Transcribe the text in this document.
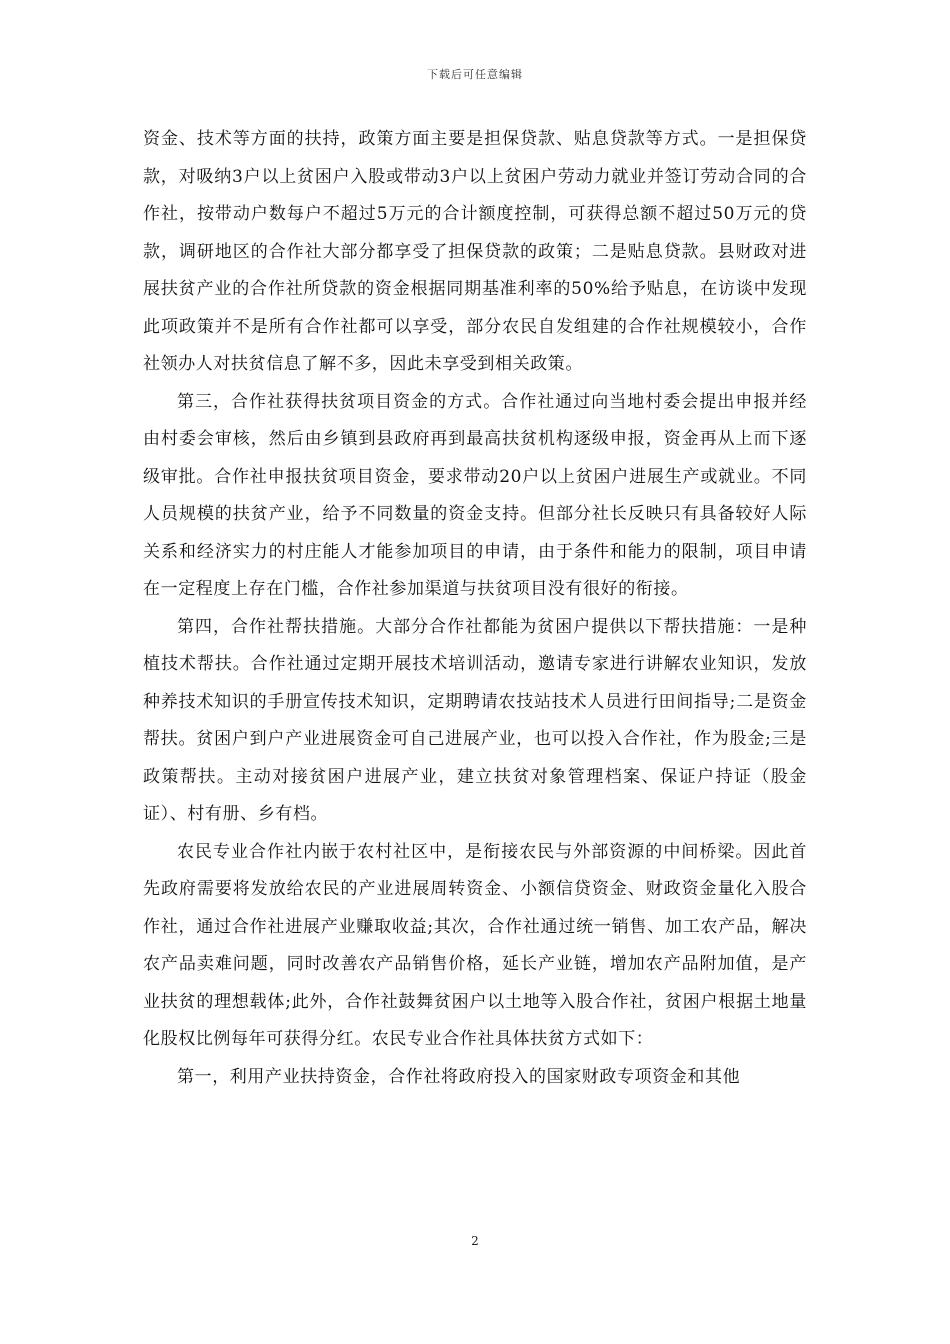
下载后可任意编辑

资金、技术等方面的扶持，政策方面主要是担保贷款、贴息贷款等方式。一是担保贷款，对吸纳3户以上贫困户入股或带动3户以上贫困户劳动力就业并签订劳动合同的合作社，按带动户数每户不超过5万元的合计额度控制，可获得总额不超过50万元的贷款，调研地区的合作社大部分都享受了担保贷款的政策；二是贴息贷款。县财政对进展扶贫产业的合作社所贷款的资金根据同期基准利率的50%给予贴息，在访谈中发现此项政策并不是所有合作社都可以享受，部分农民自发组建的合作社规模较小，合作社领办人对扶贫信息了解不多，因此未享受到相关政策。

第三，合作社获得扶贫项目资金的方式。合作社通过向当地村委会提出申报并经由村委会审核，然后由乡镇到县政府再到最高扶贫机构逐级申报，资金再从上而下逐级审批。合作社申报扶贫项目资金，要求带动20户以上贫困户进展生产或就业。不同人员规模的扶贫产业，给予不同数量的资金支持。但部分社长反映只有具备较好人际关系和经济实力的村庄能人才能参加项目的申请，由于条件和能力的限制，项目申请在一定程度上存在门槛，合作社参加渠道与扶贫项目没有很好的衔接。

第四，合作社帮扶措施。大部分合作社都能为贫困户提供以下帮扶措施：一是种植技术帮扶。合作社通过定期开展技术培训活动，邀请专家进行讲解农业知识，发放种养技术知识的手册宣传技术知识，定期聘请农技站技术人员进行田间指导;二是资金帮扶。贫困户到户产业进展资金可自己进展产业，也可以投入合作社，作为股金;三是政策帮扶。主动对接贫困户进展产业，建立扶贫对象管理档案、保证户持证（股金证）、村有册、乡有档。

农民专业合作社内嵌于农村社区中，是衔接农民与外部资源的中间桥梁。因此首先政府需要将发放给农民的产业进展周转资金、小额信贷资金、财政资金量化入股合作社，通过合作社进展产业赚取收益;其次，合作社通过统一销售、加工农产品，解决农产品卖难问题，同时改善农产品销售价格，延长产业链，增加农产品附加值，是产业扶贫的理想载体;此外，合作社鼓舞贫困户以土地等入股合作社，贫困户根据土地量化股权比例每年可获得分红。农民专业合作社具体扶贫方式如下：

第一，利用产业扶持资金，合作社将政府投入的国家财政专项资金和其他

2
